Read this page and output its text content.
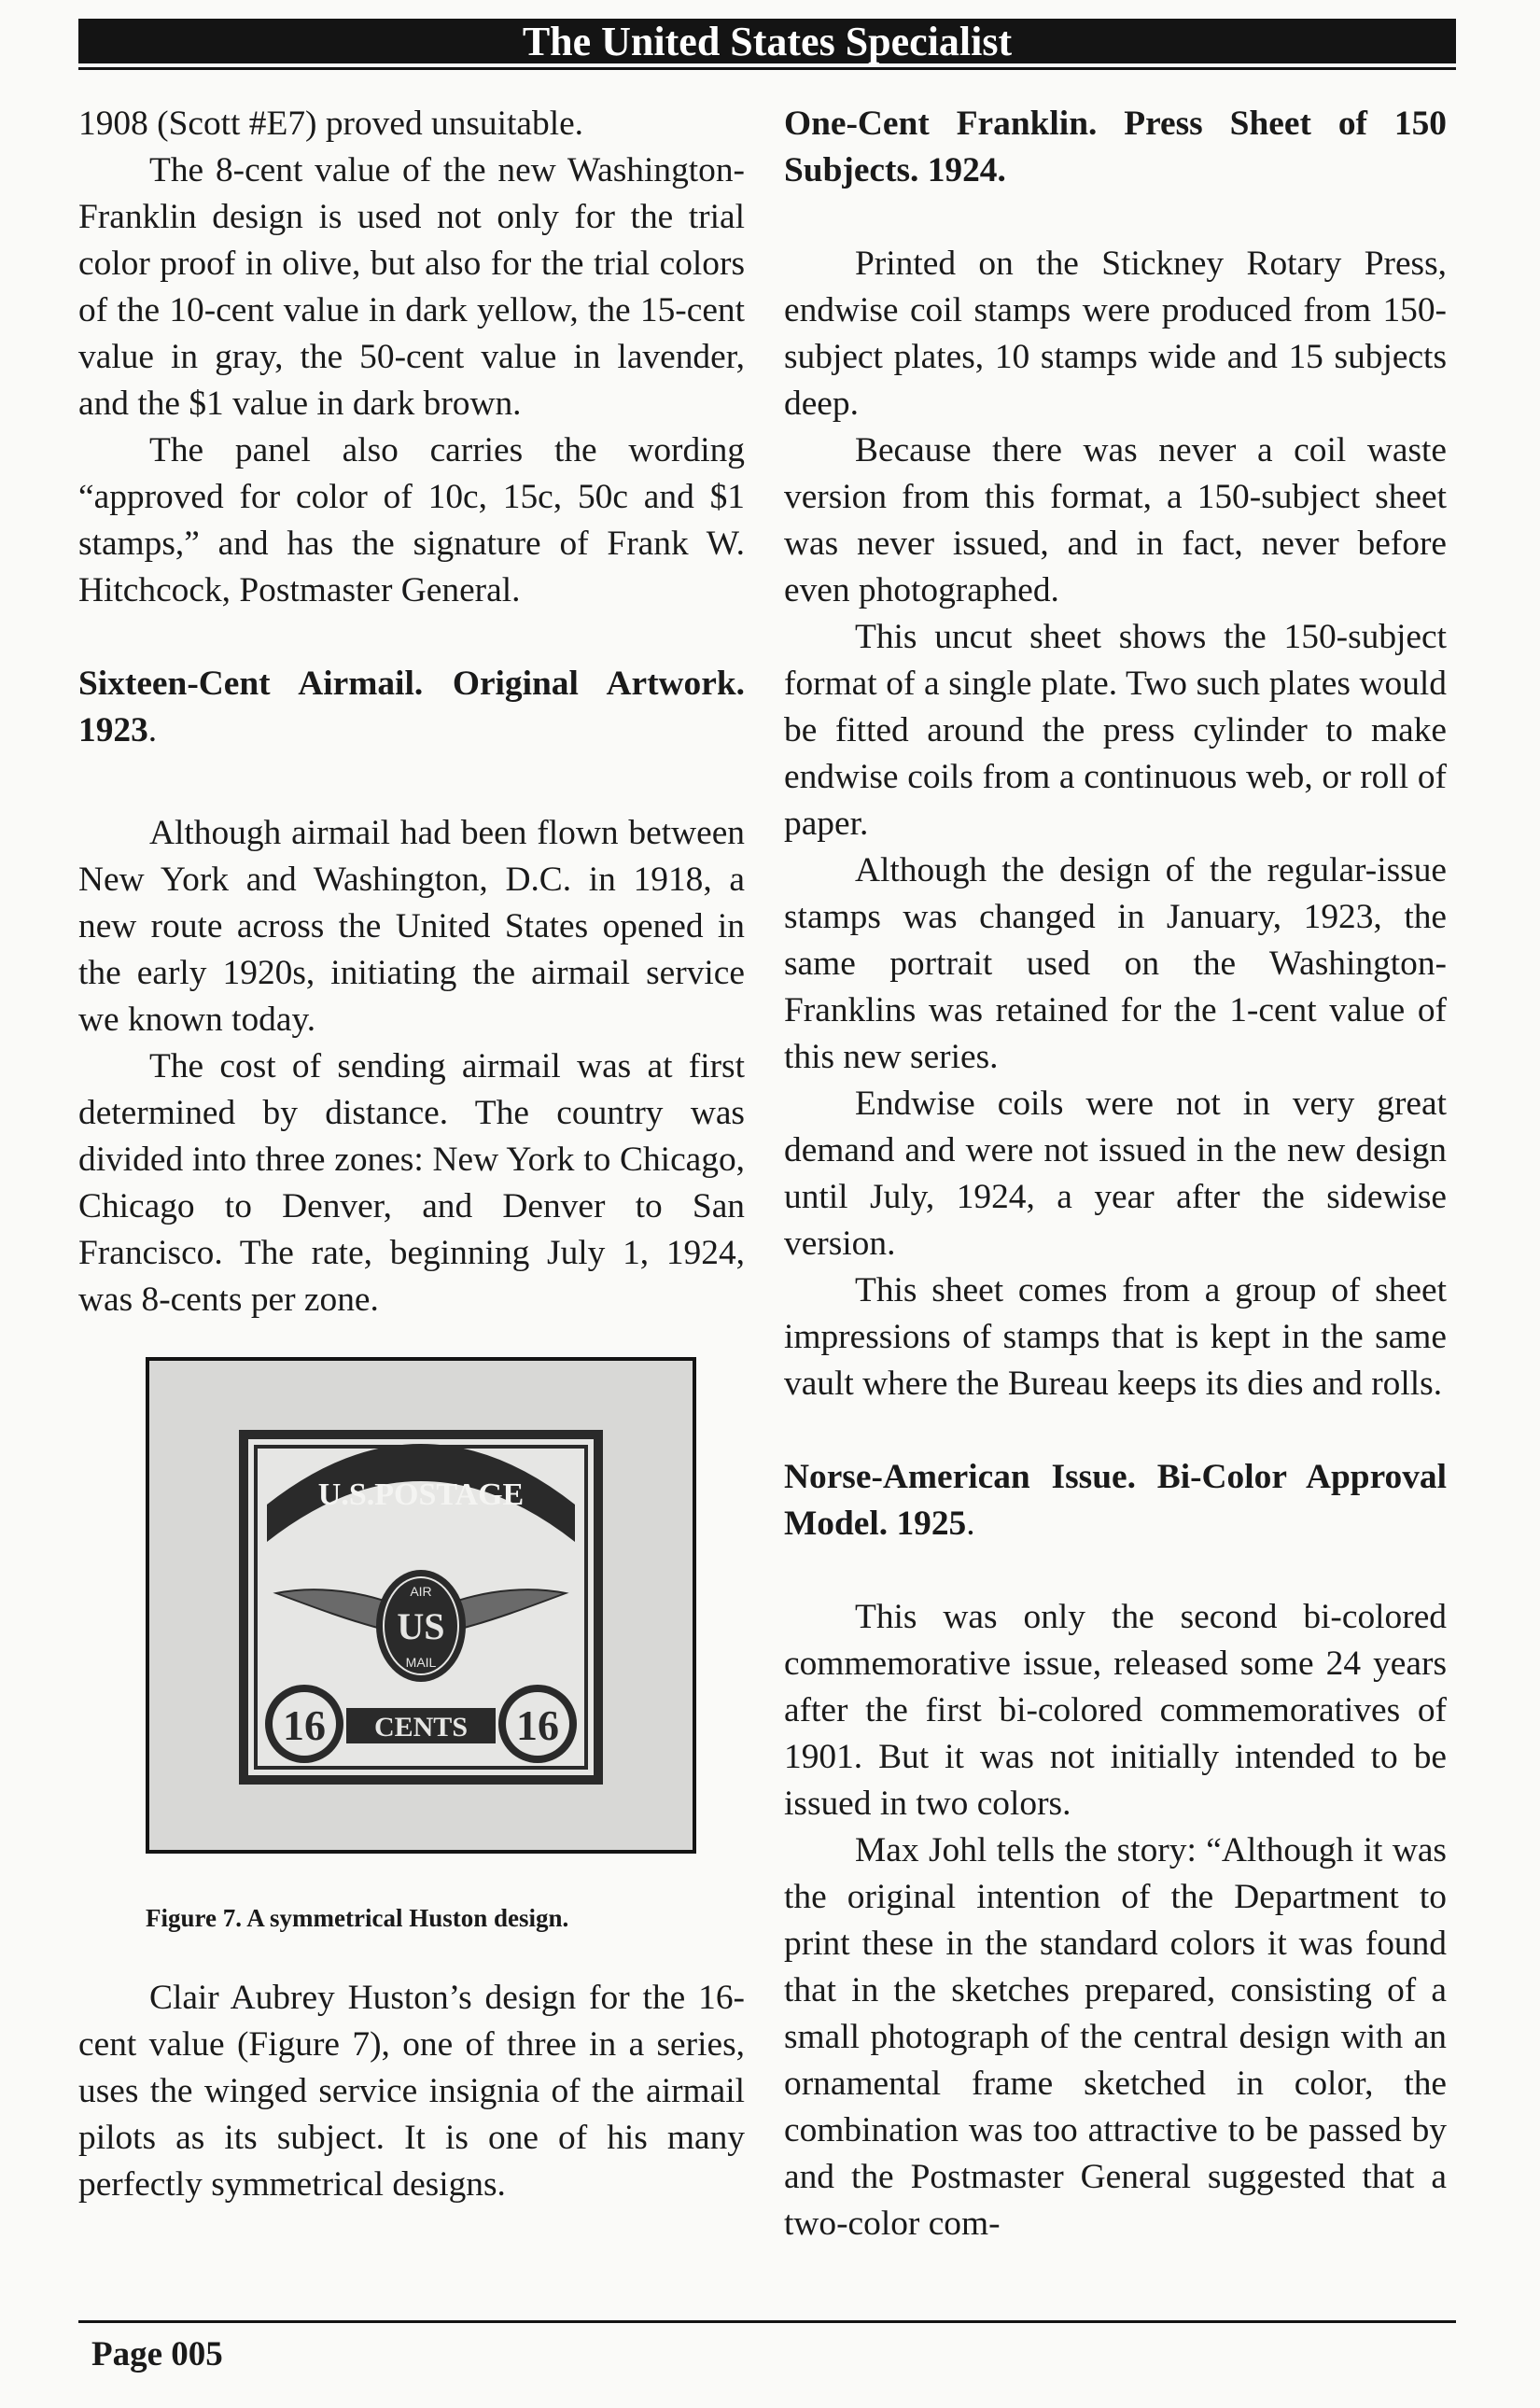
The United States Specialist

1908 (Scott #E7) proved unsuitable.

The 8-cent value of the new Washington-Franklin design is used not only for the trial color proof in olive, but also for the trial colors of the 10-cent value in dark yellow, the 15-cent value in gray, the 50-cent value in lavender, and the $1 value in dark brown.

The panel also carries the wording “approved for color of 10c, 15c, 50c and $1 stamps,” and has the signature of Frank W. Hitchcock, Postmaster General.

Sixteen-Cent Airmail. Original Artwork. 1923.

Although airmail had been flown between New York and Washington, D.C. in 1918, a new route across the United States opened in the early 1920s, initiating the airmail service we known today.

The cost of sending airmail was at first determined by distance. The country was divided into three zones: New York to Chicago, Chicago to Denver, and Denver to San Francisco. The rate, beginning July 1, 1924, was 8-cents per zone.

U.S.POSTAGE
AIR
US
MAIL
16	16
CENTS
Figure 7. A symmetrical Huston design.

Clair Aubrey Huston’s design for the 16-cent value (Figure 7), one of three in a series, uses the winged service insignia of the airmail pilots as its subject. It is one of his many perfectly symmetrical designs.

One-Cent Franklin. Press Sheet of 150 Subjects. 1924.

Printed on the Stickney Rotary Press, endwise coil stamps were produced from 150-subject plates, 10 stamps wide and 15 subjects deep.

Because there was never a coil waste version from this format, a 150-subject sheet was never issued, and in fact, never before even photographed.

This uncut sheet shows the 150-subject format of a single plate. Two such plates would be fitted around the press cylinder to make endwise coils from a continuous web, or roll of paper.

Although the design of the regular-issue stamps was changed in January, 1923, the same portrait used on the Washington-Franklins was retained for the 1-cent value of this new series.

Endwise coils were not in very great demand and were not issued in the new design until July, 1924, a year after the sidewise version.

This sheet comes from a group of sheet impressions of stamps that is kept in the same vault where the Bureau keeps its dies and rolls.

Norse-American Issue. Bi-Color Approval Model. 1925.

This was only the second bi-colored commemorative issue, released some 24 years after the first bi-colored commemoratives of 1901. But it was not initially intended to be issued in two colors.

Max Johl tells the story: “Although it was the original intention of the Department to print these in the standard colors it was found that in the sketches prepared, consisting of a small photograph of the central design with an ornamental frame sketched in color, the combination was too attractive to be passed by and the Postmaster General suggested that a two-color com-

Page 005
